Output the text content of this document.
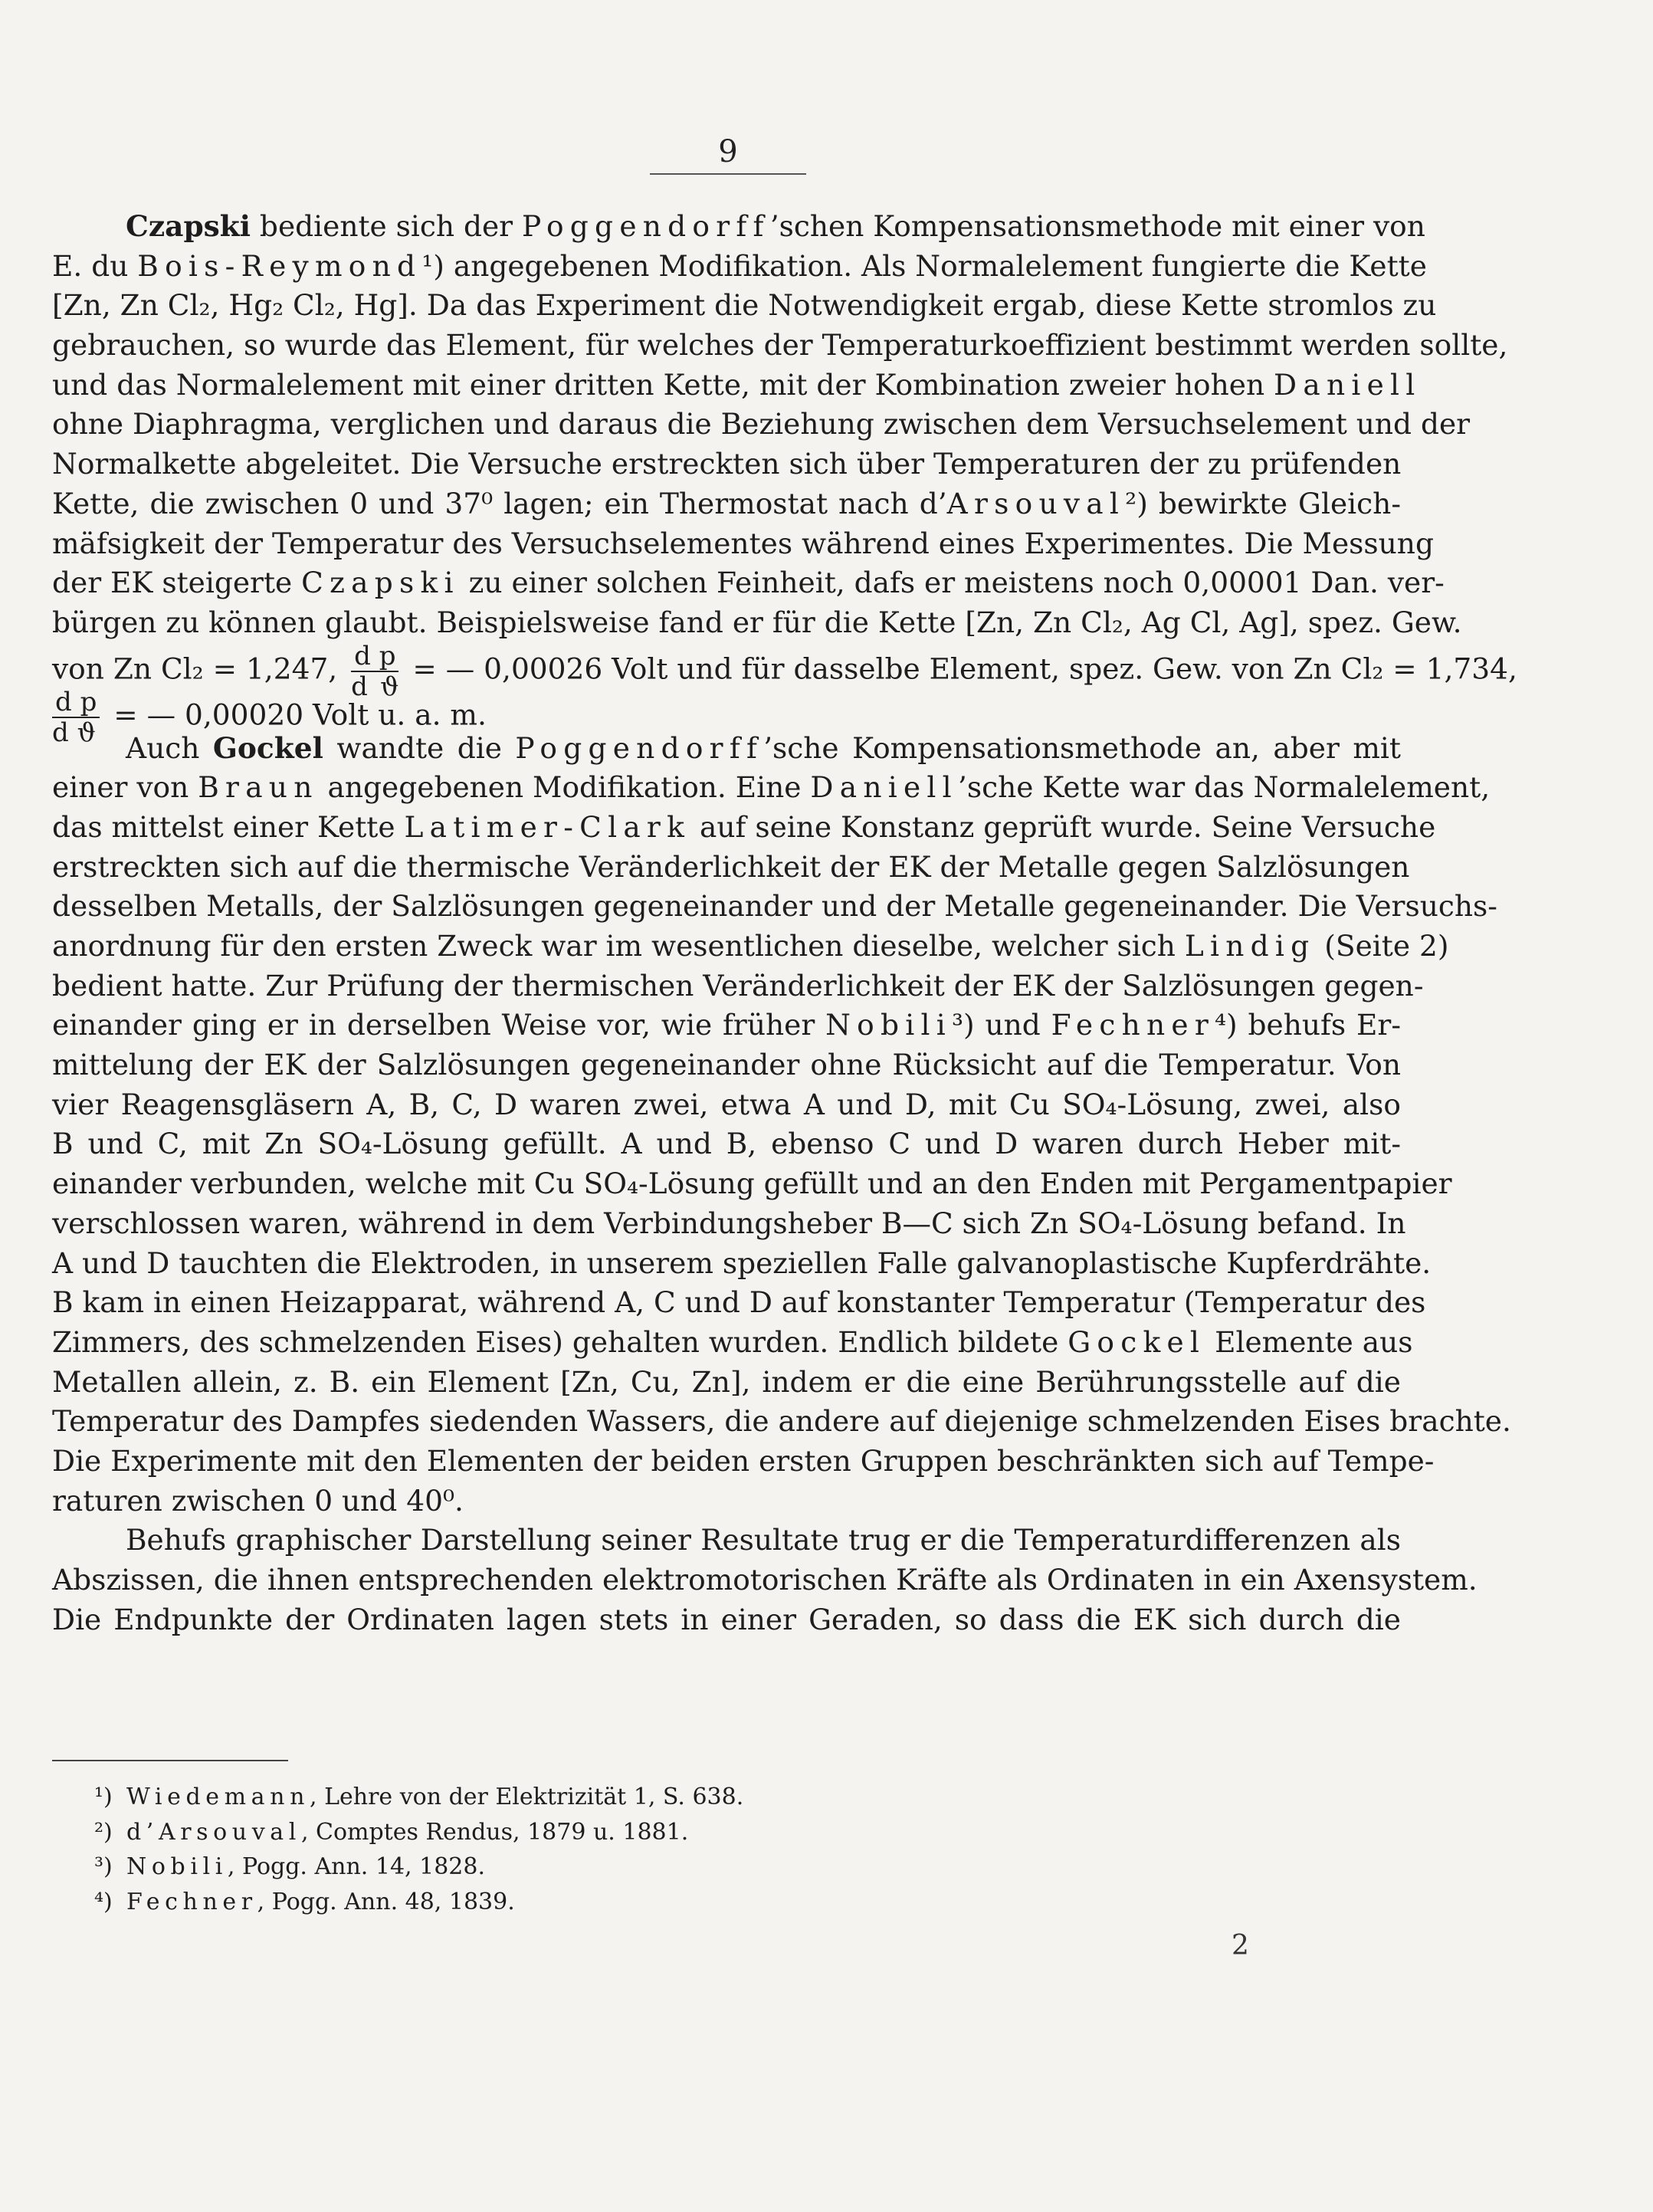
9
Czapski bediente sich der Poggendorff’schen Kompensationsmethode mit einer von
E. du Bois-Reymond¹) angegebenen Modifikation. Als Normalelement fungierte die Kette
[Zn, Zn Cl₂, Hg₂ Cl₂, Hg]. Da das Experiment die Notwendigkeit ergab, diese Kette stromlos zu
gebrauchen, so wurde das Element, für welches der Temperaturkoeffizient bestimmt werden sollte,
und das Normalelement mit einer dritten Kette, mit der Kombination zweier hohen Daniell
ohne Diaphragma, verglichen und daraus die Beziehung zwischen dem Versuchselement und der
Normalkette abgeleitet. Die Versuche erstreckten sich über Temperaturen der zu prüfenden
Kette, die zwischen 0 und 37⁰ lagen; ein Thermostat nach d’Arsouval²) bewirkte Gleich-
mäfsigkeit der Temperatur des Versuchselementes während eines Experimentes. Die Messung
der EK steigerte Czapski zu einer solchen Feinheit, dafs er meistens noch 0,00001 Dan. ver-
bürgen zu können glaubt. Beispielsweise fand er für die Kette [Zn, Zn Cl₂, Ag Cl, Ag], spez. Gew.
von Zn Cl₂ = 1,247, $\frac{\text{d p}}{\text{d ϑ}}$ = — 0,00026 Volt und für dasselbe Element, spez. Gew. von Zn Cl₂ = 1,734,
$\frac{\text{d p}}{\text{d ϑ}}$ = — 0,00020 Volt u. a. m.
Auch Gockel wandte die Poggendorff’sche Kompensationsmethode an, aber mit
einer von Braun angegebenen Modifikation. Eine Daniell’sche Kette war das Normalelement,
das mittelst einer Kette Latimer-Clark auf seine Konstanz geprüft wurde. Seine Versuche
erstreckten sich auf die thermische Veränderlichkeit der EK der Metalle gegen Salzlösungen
desselben Metalls, der Salzlösungen gegeneinander und der Metalle gegeneinander. Die Versuchs-
anordnung für den ersten Zweck war im wesentlichen dieselbe, welcher sich Lindig (Seite 2)
bedient hatte. Zur Prüfung der thermischen Veränderlichkeit der EK der Salzlösungen gegen-
einander ging er in derselben Weise vor, wie früher Nobili³) und Fechner⁴) behufs Er-
mittelung der EK der Salzlösungen gegeneinander ohne Rücksicht auf die Temperatur. Von
vier Reagensgläsern A, B, C, D waren zwei, etwa A und D, mit Cu SO₄-Lösung, zwei, also
B und C, mit Zn SO₄-Lösung gefüllt. A und B, ebenso C und D waren durch Heber mit-
einander verbunden, welche mit Cu SO₄-Lösung gefüllt und an den Enden mit Pergamentpapier
verschlossen waren, während in dem Verbindungsheber B—C sich Zn SO₄-Lösung befand. In
A und D tauchten die Elektroden, in unserem speziellen Falle galvanoplastische Kupferdrähte.
B kam in einen Heizapparat, während A, C und D auf konstanter Temperatur (Temperatur des
Zimmers, des schmelzenden Eises) gehalten wurden. Endlich bildete Gockel Elemente aus
Metallen allein, z. B. ein Element [Zn, Cu, Zn], indem er die eine Berührungsstelle auf die
Temperatur des Dampfes siedenden Wassers, die andere auf diejenige schmelzenden Eises brachte.
Die Experimente mit den Elementen der beiden ersten Gruppen beschränkten sich auf Tempe-
raturen zwischen 0 und 40⁰.
Behufs graphischer Darstellung seiner Resultate trug er die Temperaturdifferenzen als
Abszissen, die ihnen entsprechenden elektromotorischen Kräfte als Ordinaten in ein Axensystem.
Die Endpunkte der Ordinaten lagen stets in einer Geraden, so dass die EK sich durch die
¹) Wiedemann, Lehre von der Elektrizität 1, S. 638.
²) d’Arsouval, Comptes Rendus, 1879 u. 1881.
³) Nobili, Pogg. Ann. 14, 1828.
⁴) Fechner, Pogg. Ann. 48, 1839.
2
